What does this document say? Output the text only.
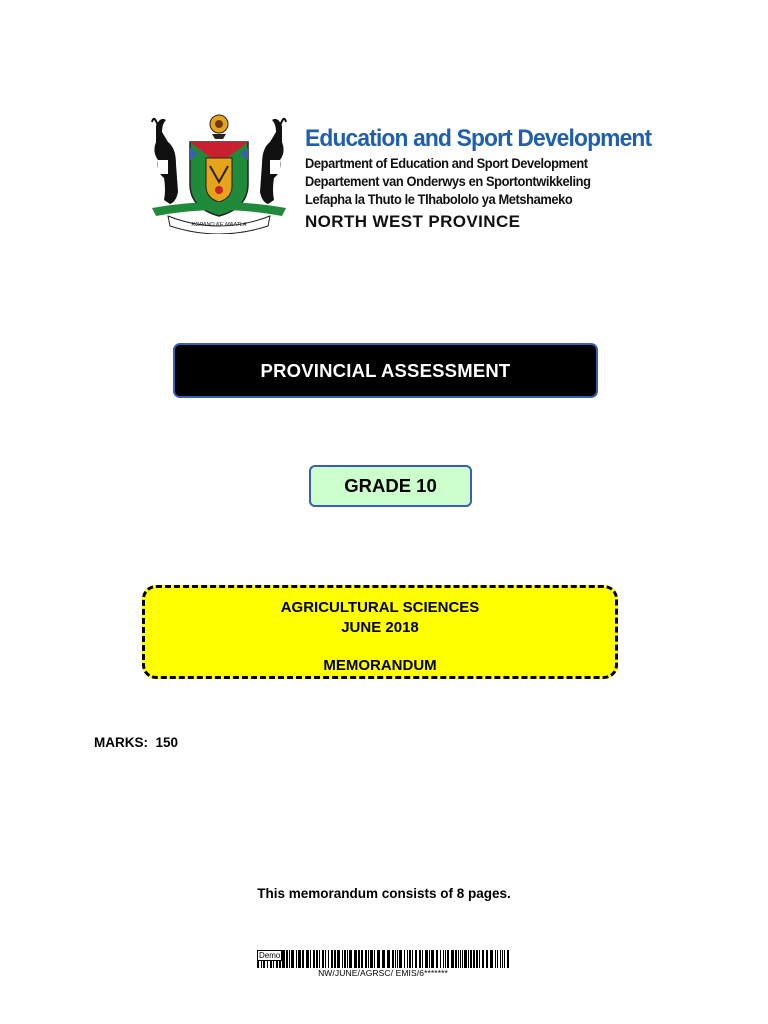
KOPANO KE MAATLA
Education and Sport Development
Department of Education and Sport Development
Departement van Onderwys en Sportontwikkeling
Lefapha la Thuto le Tlhabololo ya Metshameko
NORTH WEST PROVINCE
PROVINCIAL ASSESSMENT
GRADE 10
AGRICULTURAL SCIENCES
JUNE 2018
MEMORANDUM
MARKS: 150
This memorandum consists of 8 pages.
Demo
NW/JUNE/AGRSC/ EMIS/6*******
